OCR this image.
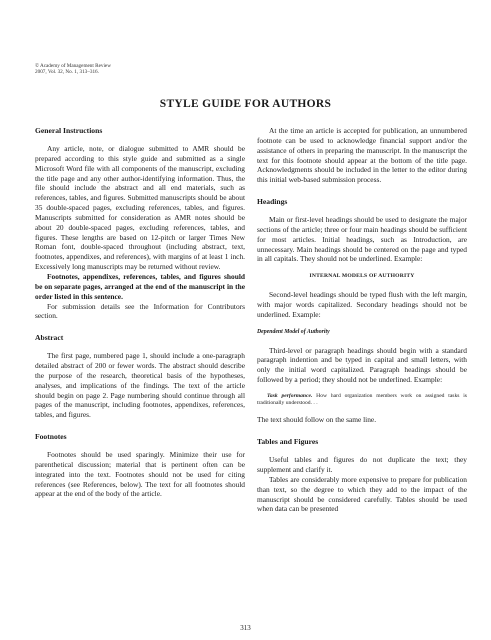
© Academy of Management Review
2007, Vol. 32, No. 1, 313–316.
STYLE GUIDE FOR AUTHORS
General Instructions

Any article, note, or dialogue submitted to AMR should be prepared according to this style guide and submitted as a single Microsoft Word file with all components of the manuscript, excluding the title page and any other author-identifying information. Thus, the file should include the abstract and all end materials, such as references, tables, and figures. Submitted manuscripts should be about 35 double-spaced pages, excluding references, tables, and figures. Manuscripts submitted for consideration as AMR notes should be about 20 double-spaced pages, excluding references, tables, and figures. These lengths are based on 12-pitch or larger Times New Roman font, double-spaced throughout (including abstract, text, footnotes, appendixes, and references), with margins of at least 1 inch. Excessively long manuscripts may be returned without review.

Footnotes, appendixes, references, tables, and figures should be on separate pages, arranged at the end of the manuscript in the order listed in this sentence.

For submission details see the Information for Contributors section.

Abstract

The first page, numbered page 1, should include a one-paragraph detailed abstract of 200 or fewer words. The abstract should describe the purpose of the research, theoretical basis of the hypotheses, analyses, and implications of the findings. The text of the article should begin on page 2. Page numbering should continue through all pages of the manuscript, including footnotes, appendixes, references, tables, and figures.

Footnotes

Footnotes should be used sparingly. Minimize their use for parenthetical discussion; material that is pertinent often can be integrated into the text. Footnotes should not be used for citing references (see References, below). The text for all footnotes should appear at the end of the body of the article.

At the time an article is accepted for publication, an unnumbered footnote can be used to acknowledge financial support and/or the assistance of others in preparing the manuscript. In the manuscript the text for this footnote should appear at the bottom of the title page. Acknowledgments should be included in the letter to the editor during this initial web-based submission process.

Headings

Main or first-level headings should be used to designate the major sections of the article; three or four main headings should be sufficient for most articles. Initial headings, such as Introduction, are unnecessary. Main headings should be centered on the page and typed in all capitals. They should not be underlined. Example:

INTERNAL MODELS OF AUTHORITY

Second-level headings should be typed flush with the left margin, with major words capitalized. Secondary headings should not be underlined. Example:

Dependent Model of Authority

Third-level or paragraph headings should begin with a standard paragraph indention and be typed in capital and small letters, with only the initial word capitalized. Paragraph headings should be followed by a period; they should not be underlined. Example:

Task performance. How hard organization members work on assigned tasks is traditionally understood. . .

The text should follow on the same line.

Tables and Figures

Useful tables and figures do not duplicate the text; they supplement and clarify it.

Tables are considerably more expensive to prepare for publication than text, so the degree to which they add to the impact of the manuscript should be considered carefully. Tables should be used when data can be presented

313
